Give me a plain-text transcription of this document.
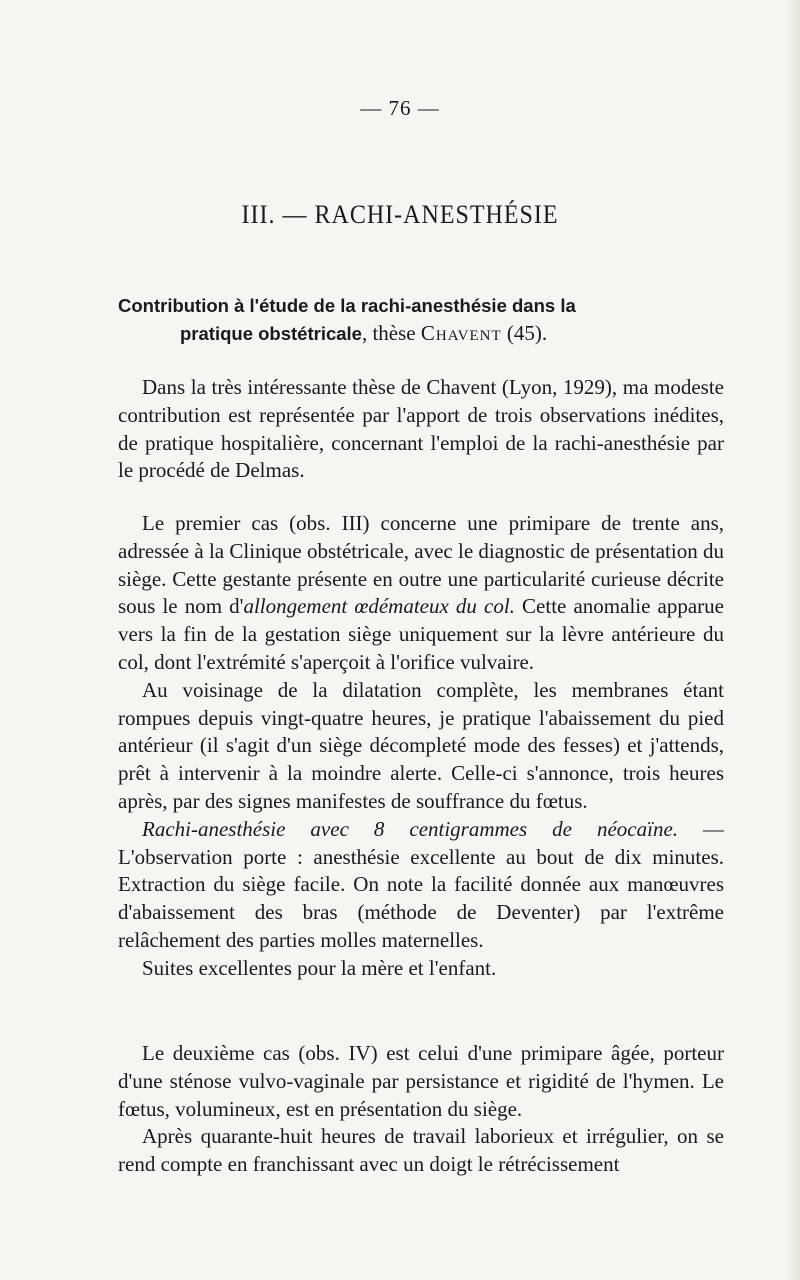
— 76 —
III. — RACHI-ANESTHÉSIE
Contribution à l'étude de la rachi-anesthésie dans la
pratique obstétricale, thèse Chavent (45).

Dans la très intéressante thèse de Chavent (Lyon, 1929), ma modeste contribution est représentée par l'apport de trois observations inédites, de pratique hospitalière, concernant l'emploi de la rachi-anesthésie par le procédé de Delmas.

Le premier cas (obs. III) concerne une primipare de trente ans, adressée à la Clinique obstétricale, avec le diagnostic de présentation du siège. Cette gestante présente en outre une particularité curieuse décrite sous le nom d'allongement œdémateux du col. Cette anomalie apparue vers la fin de la gestation siège uniquement sur la lèvre antérieure du col, dont l'extrémité s'aperçoit à l'orifice vulvaire.

Au voisinage de la dilatation complète, les membranes étant rompues depuis vingt-quatre heures, je pratique l'abaissement du pied antérieur (il s'agit d'un siège décompleté mode des fesses) et j'attends, prêt à intervenir à la moindre alerte. Celle-ci s'annonce, trois heures après, par des signes manifestes de souffrance du fœtus.

Rachi-anesthésie avec 8 centigrammes de néocaïne. — L'observation porte : anesthésie excellente au bout de dix minutes. Extraction du siège facile. On note la facilité donnée aux manœuvres d'abaissement des bras (méthode de Deventer) par l'extrême relâchement des parties molles maternelles.

Suites excellentes pour la mère et l'enfant.

Le deuxième cas (obs. IV) est celui d'une primipare âgée, porteur d'une sténose vulvo-vaginale par persistance et rigidité de l'hymen. Le fœtus, volumineux, est en présentation du siège.

Après quarante-huit heures de travail laborieux et irrégulier, on se rend compte en franchissant avec un doigt le rétrécissement
